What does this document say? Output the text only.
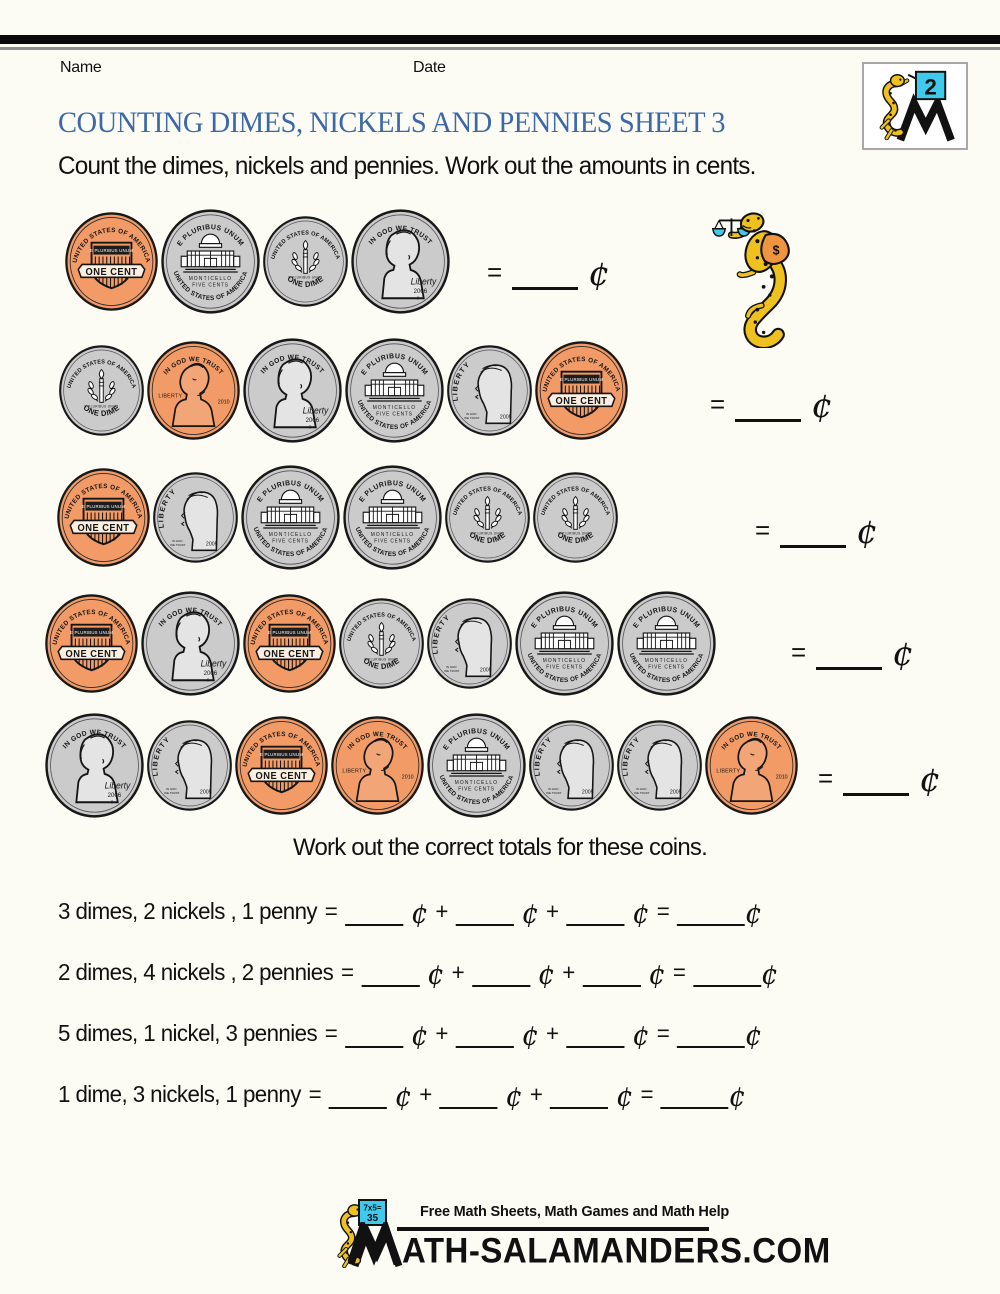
Name	Date
2
COUNTING DIMES, NICKELS AND PENNIES SHEET 3
Count the dimes, nickels and pennies. Work out the amounts in cents.
=	¢
=	¢
=	¢
=	¢
=	¢
$
Work out the correct totals for these coins.
3 dimes, 2 nickels , 1 penny =	¢ +	¢ +	¢ =	¢
2 dimes, 4 nickels , 2 pennies =	¢ +	¢ +	¢ =	¢
5 dimes, 1 nickel, 3 pennies =	¢ +	¢ +	¢ =	¢
1 dime, 3 nickels, 1 penny =	¢ +	¢ +	¢ =	¢
7x5=
35	Free Math Sheets, Math Games and Math Help
ATH-SALAMANDERS.COM
